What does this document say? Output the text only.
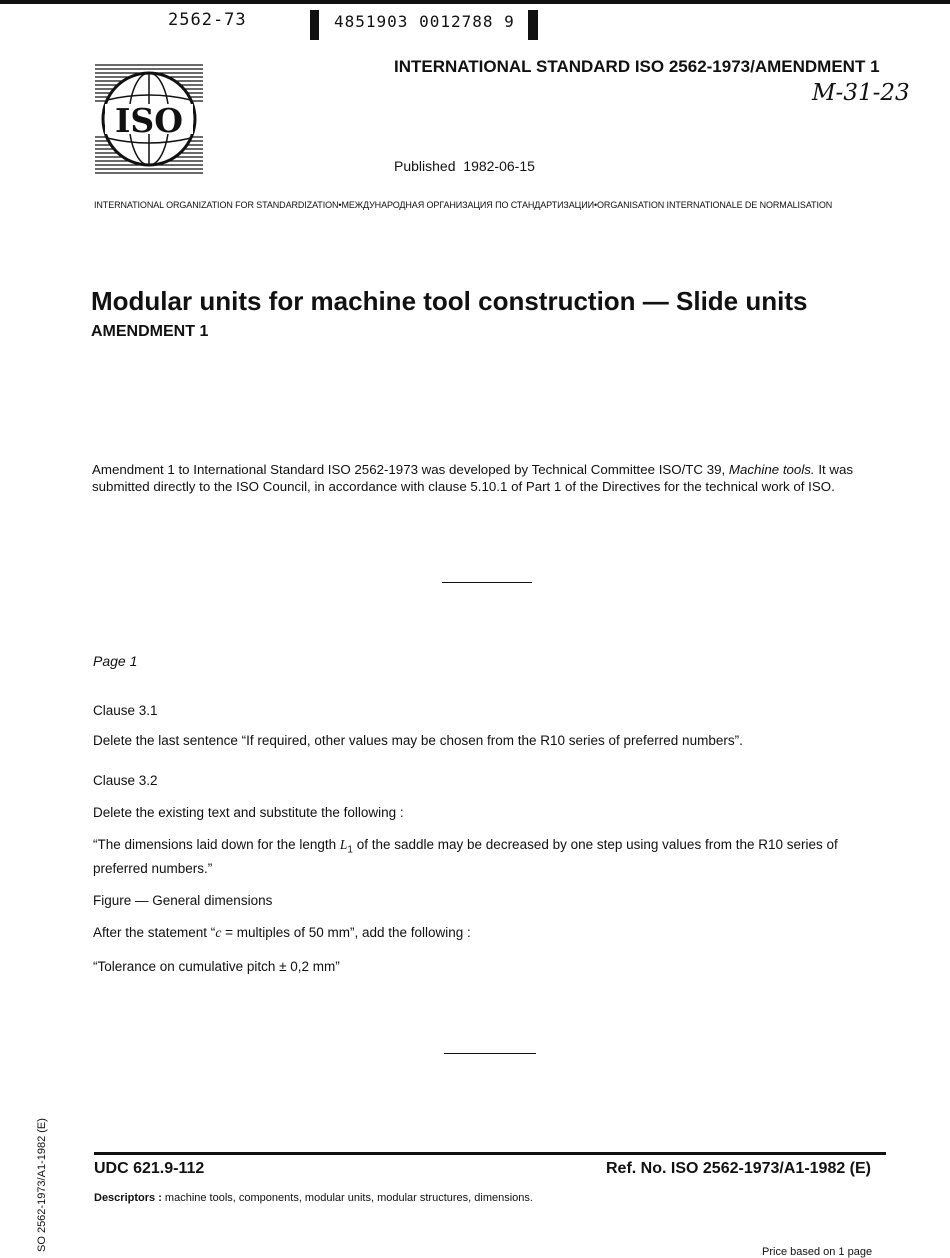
2562-73	4851903 0012788 9
ISO
INTERNATIONAL STANDARD ISO 2562-1973/AMENDMENT 1
M-31-23
Published 1982-06-15
INTERNATIONAL ORGANIZATION FOR STANDARDIZATION•МЕЖДУНАРОДНАЯ ОРГАНИЗАЦИЯ ПО СТАНДАРТИЗАЦИИ•ORGANISATION INTERNATIONALE DE NORMALISATION
Modular units for machine tool construction — Slide units
AMENDMENT 1
Amendment 1 to International Standard ISO 2562-1973 was developed by Technical Committee ISO/TC 39, Machine tools. It was submitted directly to the ISO Council, in accordance with clause 5.10.1 of Part 1 of the Directives for the technical work of ISO.
Page 1
Clause 3.1
Delete the last sentence “If required, other values may be chosen from the R10 series of preferred numbers”.
Clause 3.2
Delete the existing text and substitute the following :
“The dimensions laid down for the length $L_1$ of the saddle may be decreased by one step using values from the R10 series of preferred numbers.”
Figure — General dimensions
After the statement “c = multiples of 50 mm”, add the following :
“Tolerance on cumulative pitch ± 0,2 mm”
UDC 621.9-112	Ref. No. ISO 2562-1973/A1-1982 (E)
Descriptors : machine tools, components, modular units, modular structures, dimensions.
SO 2562-1973/A1-1982 (E)	Price based on 1 page
